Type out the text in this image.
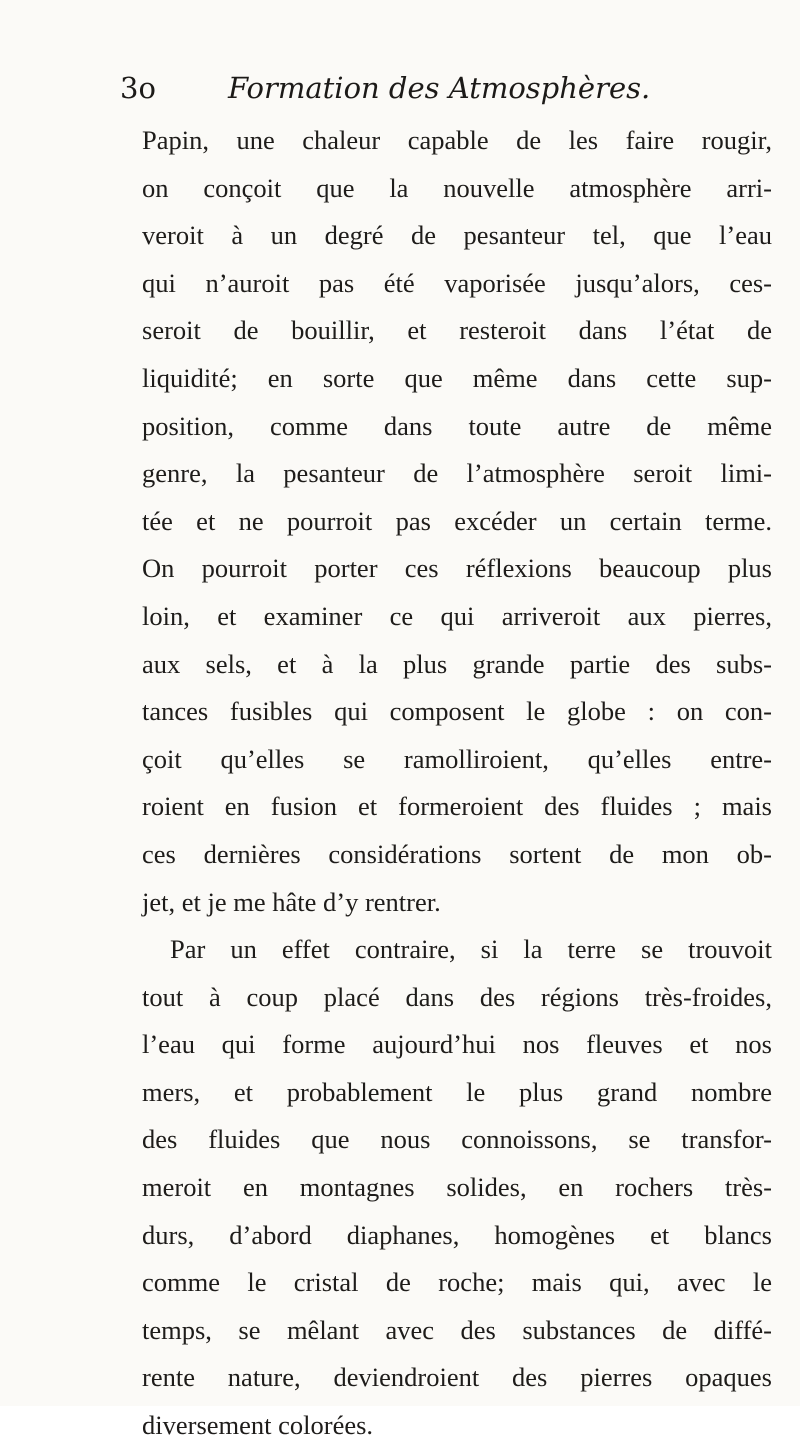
3o Formation des Atmosphères.
Papin, une chaleur capable de les faire rougir,
on conçoit que la nouvelle atmosphère arri-
veroit à un degré de pesanteur tel, que l’eau
qui n’auroit pas été vaporisée jusqu’alors, ces-
seroit de bouillir, et resteroit dans l’état de
liquidité; en sorte que même dans cette sup-
position, comme dans toute autre de même
genre, la pesanteur de l’atmosphère seroit limi-
tée et ne pourroit pas excéder un certain terme.
On pourroit porter ces réflexions beaucoup plus
loin, et examiner ce qui arriveroit aux pierres,
aux sels, et à la plus grande partie des subs-
tances fusibles qui composent le globe : on con-
çoit qu’elles se ramolliroient, qu’elles entre-
roient en fusion et formeroient des fluides ; mais
ces dernières considérations sortent de mon ob-
jet, et je me hâte d’y rentrer.
Par un effet contraire, si la terre se trouvoit
tout à coup placé dans des régions très-froides,
l’eau qui forme aujourd’hui nos fleuves et nos
mers, et probablement le plus grand nombre
des fluides que nous connoissons, se transfor-
meroit en montagnes solides, en rochers très-
durs, d’abord diaphanes, homogènes et blancs
comme le cristal de roche; mais qui, avec le
temps, se mêlant avec des substances de diffé-
rente nature, deviendroient des pierres opaques
diversement colorées.
